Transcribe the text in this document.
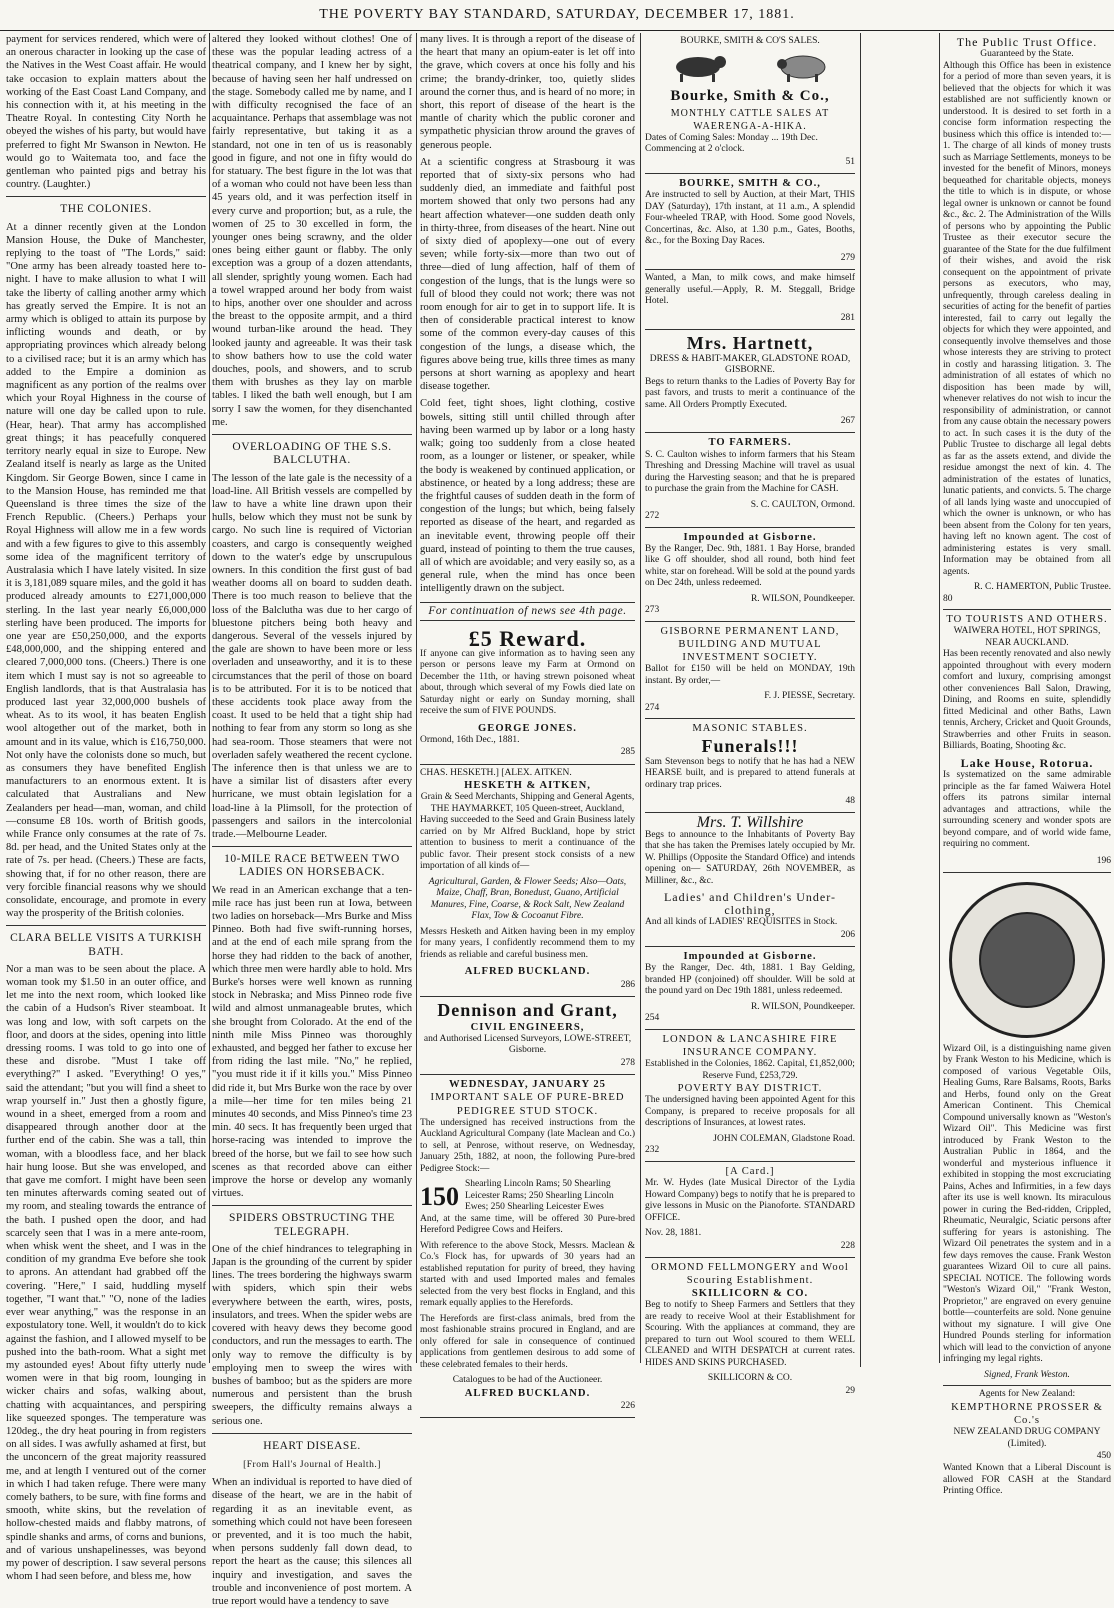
THE POVERTY BAY STANDARD, SATURDAY, DECEMBER 17, 1881.

payment for services rendered, which were of an onerous character in looking up the case of the Natives in the West Coast affair. He would take occasion to explain matters about the working of the East Coast Land Company, and his connection with it, at his meeting in the Theatre Royal. In contesting City North he obeyed the wishes of his party, but would have preferred to fight Mr Swanson in Newton. He would go to Waitemata too, and face the gentleman who painted pigs and betray his country. (Laughter.)

THE COLONIES.

At a dinner recently given at the London Mansion House, the Duke of Manchester, replying to the toast of "The Lords," said: "One army has been already toasted here to-night. I have to make allusion to what I will take the liberty of calling another army which has greatly served the Empire. It is not an army which is obliged to attain its purpose by inflicting wounds and death, or by appropriating provinces which already belong to a civilised race; but it is an army which has added to the Empire a dominion as magnificent as any portion of the realms over which your Royal Highness in the course of nature will one day be called upon to rule. (Hear, hear). That army has accomplished great things; it has peacefully conquered territory nearly equal in size to Europe. New Zealand itself is nearly as large as the United Kingdom. Sir George Bowen, since I came in to the Mansion House, has reminded me that Queensland is three times the size of the French Republic. (Cheers.) Perhaps your Royal Highness will allow me in a few words and with a few figures to give to this assembly some idea of the magnificent territory of Australasia which I have lately visited. In size it is 3,181,089 square miles, and the gold it has produced already amounts to £271,000,000 sterling. In the last year nearly £6,000,000 sterling have been produced. The imports for one year are £50,250,000, and the exports £48,000,000, and the shipping entered and cleared 7,000,000 tons. (Cheers.) There is one item which I must say is not so agreeable to English landlords, that is that Australasia has produced last year 32,000,000 bushels of wheat. As to its wool, it has beaten English wool altogether out of the market, both in amount and in its value, which is £16,750,000. Not only have the colonists done so much, but as consumers they have benefited English manufacturers to an enormous extent. It is calculated that Australians and New Zealanders per head—man, woman, and child—consume £8 10s. worth of British goods, while France only consumes at the rate of 7s. 8d. per head, and the United States only at the rate of 7s. per head. (Cheers.) These are facts, showing that, if for no other reason, there are very forcible financial reasons why we should consolidate, encourage, and promote in every way the prosperity of the British colonies.

CLARA BELLE VISITS A TURKISH BATH.

Nor a man was to be seen about the place. A woman took my $1.50 in an outer office, and let me into the next room, which looked like the cabin of a Hudson's River steamboat. It was long and low, with soft carpets on the floor, and doors at the sides, opening into little dressing rooms. I was told to go into one of these and disrobe. "Must I take off everything?" I asked. "Everything! O yes," said the attendant; "but you will find a sheet to wrap yourself in." Just then a ghostly figure, wound in a sheet, emerged from a room and disappeared through another door at the further end of the cabin. She was a tall, thin woman, with a bloodless face, and her black hair hung loose. But she was enveloped, and that gave me comfort. I might have been seen ten minutes afterwards coming seated out of my room, and stealing towards the entrance of the bath. I pushed open the door, and had scarcely seen that I was in a mere ante-room, when whisk went the sheet, and I was in the condition of my grandma Eve before she took to aprons. An attendant had grabbed off the covering. "Here," I said, huddling myself together, "I want that." "O, none of the ladies ever wear anything," was the response in an expostulatory tone. Well, it wouldn't do to kick against the fashion, and I allowed myself to be pushed into the bath-room. What a sight met my astounded eyes! About fifty utterly nude women were in that big room, lounging in wicker chairs and sofas, walking about, chatting with acquaintances, and perspiring like squeezed sponges. The temperature was 120deg., the dry heat pouring in from registers on all sides. I was awfully ashamed at first, but the unconcern of the great majority reassured me, and at length I ventured out of the corner in which I had taken refuge. There were many comely bathers, to be sure, with fine forms and smooth, white skins, but the revelation of hollow-chested maids and flabby matrons, of spindle shanks and arms, of corns and bunions, and of various unshapelinesses, was beyond my power of description. I saw several persons whom I had seen before, and bless me, how

altered they looked without clothes! One of these was the popular leading actress of a theatrical company, and I knew her by sight, because of having seen her half undressed on the stage. Somebody called me by name, and I with difficulty recognised the face of an acquaintance. Perhaps that assemblage was not fairly representative, but taking it as a standard, not one in ten of us is reasonably good in figure, and not one in fifty would do for statuary. The best figure in the lot was that of a woman who could not have been less than 45 years old, and it was perfection itself in every curve and proportion; but, as a rule, the women of 25 to 30 excelled in form, the younger ones being scrawny, and the older ones being either gaunt or flabby. The only exception was a group of a dozen attendants, all slender, sprightly young women. Each had a towel wrapped around her body from waist to hips, another over one shoulder and across the breast to the opposite armpit, and a third wound turban-like around the head. They looked jaunty and agreeable. It was their task to show bathers how to use the cold water douches, pools, and showers, and to scrub them with brushes as they lay on marble tables. I liked the bath well enough, but I am sorry I saw the women, for they disenchanted me.

OVERLOADING OF THE S.S. BALCLUTHA.

The lesson of the late gale is the necessity of a load-line. All British vessels are compelled by law to have a white line drawn upon their hulls, below which they must not be sunk by cargo. No such line is required of Victorian coasters, and cargo is consequently weighed down to the water's edge by unscrupulous owners. In this condition the first gust of bad weather dooms all on board to sudden death. There is too much reason to believe that the loss of the Balclutha was due to her cargo of bluestone pitchers being both heavy and dangerous. Several of the vessels injured by the gale are shown to have been more or less overladen and unseaworthy, and it is to these circumstances that the peril of those on board is to be attributed. For it is to be noticed that these accidents took place away from the coast. It used to be held that a tight ship had nothing to fear from any storm so long as she had sea-room. Those steamers that were not overladen safely weathered the recent cyclone. The inference then is that unless we are to have a similar list of disasters after every hurricane, we must obtain legislation for a load-line à la Plimsoll, for the protection of passengers and sailors in the intercolonial trade.—Melbourne Leader.

10-MILE RACE BETWEEN TWO LADIES ON HORSEBACK.

We read in an American exchange that a ten-mile race has just been run at Iowa, between two ladies on horseback—Mrs Burke and Miss Pinneo. Both had five swift-running horses, and at the end of each mile sprang from the horse they had ridden to the back of another, which three men were hardly able to hold. Mrs Burke's horses were well known as running stock in Nebraska; and Miss Pinneo rode five wild and almost unmanageable brutes, which she brought from Colorado. At the end of the ninth mile Miss Pinneo was thoroughly exhausted, and begged her father to excuse her from riding the last mile. "No," he replied, "you must ride it if it kills you." Miss Pinneo did ride it, but Mrs Burke won the race by over a mile—her time for ten miles being 21 minutes 40 seconds, and Miss Pinneo's time 23 min. 40 secs. It has frequently been urged that horse-racing was intended to improve the breed of the horse, but we fail to see how such scenes as that recorded above can either improve the horse or develop any womanly virtues.

SPIDERS OBSTRUCTING THE TELEGRAPH.

One of the chief hindrances to telegraphing in Japan is the grounding of the current by spider lines. The trees bordering the highways swarm with spiders, which spin their webs everywhere between the earth, wires, posts, insulators, and trees. When the spider webs are covered with heavy dews they become good conductors, and run the messages to earth. The only way to remove the difficulty is by employing men to sweep the wires with bushes of bamboo; but as the spiders are more numerous and persistent than the brush sweepers, the difficulty remains always a serious one.

HEART DISEASE.
[From Hall's Journal of Health.]

When an individual is reported to have died of disease of the heart, we are in the habit of regarding it as an inevitable event, as something which could not have been foreseen or prevented, and it is too much the habit, when persons suddenly fall down dead, to report the heart as the cause; this silences all inquiry and investigation, and saves the trouble and inconvenience of post mortem. A true report would have a tendency to save

many lives. It is through a report of the disease of the heart that many an opium-eater is let off into the grave, which covers at once his folly and his crime; the brandy-drinker, too, quietly slides around the corner thus, and is heard of no more; in short, this report of disease of the heart is the mantle of charity which the public coroner and sympathetic physician throw around the graves of generous people.

At a scientific congress at Strasbourg it was reported that of sixty-six persons who had suddenly died, an immediate and faithful post mortem showed that only two persons had any heart affection whatever—one sudden death only in thirty-three, from diseases of the heart. Nine out of sixty died of apoplexy—one out of every seven; while forty-six—more than two out of three—died of lung affection, half of them of congestion of the lungs, that is the lungs were so full of blood they could not work; there was not room enough for air to get in to support life. It is then of considerable practical interest to know some of the common every-day causes of this congestion of the lungs, a disease which, the figures above being true, kills three times as many persons at short warning as apoplexy and heart disease together.

Cold feet, tight shoes, light clothing, costive bowels, sitting still until chilled through after having been warmed up by labor or a long hasty walk; going too suddenly from a close heated room, as a lounger or listener, or speaker, while the body is weakened by continued application, or abstinence, or heated by a long address; these are the frightful causes of sudden death in the form of congestion of the lungs; but which, being falsely reported as disease of the heart, and regarded as an inevitable event, throwing people off their guard, instead of pointing to them the true causes, all of which are avoidable; and very easily so, as a general rule, when the mind has once been intelligently drawn on the subject.

For continuation of news see 4th page.
£5 Reward.

If anyone can give information as to having seen any person or persons leave my Farm at Ormond on December the 11th, or having strewn poisoned wheat about, through which several of my Fowls died late on Saturday night or early on Sunday morning, shall receive the sum of FIVE POUNDS.

GEORGE JONES.
Ormond, 16th Dec., 1881.
285
CHAS. HESKETH.] [ALEX. AITKEN.
HESKETH & AITKEN,
Grain & Seed Merchants, Shipping and General Agents,
THE HAYMARKET, 105 Queen-street, Auckland,

Having succeeded to the Seed and Grain Business lately carried on by Mr Alfred Buckland, hope by strict attention to business to merit a continuance of the public favor. Their present stock consists of a new importation of all kinds of—

Agricultural, Garden, & Flower Seeds; Also—Oats, Maize, Chaff, Bran, Bonedust, Guano, Artificial Manures, Fine, Coarse, & Rock Salt, New Zealand Flax, Tow & Cocoanut Fibre.

Messrs Hesketh and Aitken having been in my employ for many years, I confidently recommend them to my friends as reliable and careful business men.

ALFRED BUCKLAND.
286
Dennison and Grant,
CIVIL ENGINEERS,
and Authorised Licensed Surveyors, LOWE-STREET, Gisborne.
278
WEDNESDAY, JANUARY 25
IMPORTANT SALE OF PURE-BRED PEDIGREE STUD STOCK.

The undersigned has received instructions from the Auckland Agricultural Company (late Maclean and Co.) to sell, at Penrose, without reserve, on Wednesday, January 25th, 1882, at noon, the following Pure-bred Pedigree Stock:—

150 Shearling Lincoln Rams; 50 Shearling Leicester Rams; 250 Shearling Lincoln Ewes; 250 Shearling Leicester Ewes

And, at the same time, will be offered 30 Pure-bred Hereford Pedigree Cows and Heifers.

With reference to the above Stock, Messrs. Maclean & Co.'s Flock has, for upwards of 30 years had an established reputation for purity of breed, they having started with and used Imported males and females selected from the very best flocks in England, and this remark equally applies to the Herefords.

The Herefords are first-class animals, bred from the most fashionable strains procured in England, and are only offered for sale in consequence of continued applications from gentlemen desirous to add some of these celebrated females to their herds.

Catalogues to be had of the Auctioneer.
ALFRED BUCKLAND.
226
BOURKE, SMITH & CO'S SALES.
Bourke, Smith & Co.,
MONTHLY CATTLE SALES AT WAERENGA-A-HIKA.
Dates of Coming Sales: Monday ... 19th Dec. Commencing at 2 o'clock.
51
BOURKE, SMITH & CO.,

Are instructed to sell by Auction, at their Mart, THIS DAY (Saturday), 17th instant, at 11 a.m., A splendid Four-wheeled TRAP, with Hood. Some good Novels, Concertinas, &c. Also, at 1.30 p.m., Gates, Booths, &c., for the Boxing Day Races.

279

Wanted, a Man, to milk cows, and make himself generally useful.—Apply, R. M. Steggall, Bridge Hotel.

281
Mrs. Hartnett,
DRESS & HABIT-MAKER, GLADSTONE ROAD, GISBORNE.

Begs to return thanks to the Ladies of Poverty Bay for past favors, and trusts to merit a continuance of the same. All Orders Promptly Executed.

267
TO FARMERS.

S. C. Caulton wishes to inform farmers that his Steam Threshing and Dressing Machine will travel as usual during the Harvesting season; and that he is prepared to purchase the grain from the Machine for CASH.

S. C. CAULTON, Ormond.
272
Impounded at Gisborne.

By the Ranger, Dec. 9th, 1881. 1 Bay Horse, branded like G off shoulder, shod all round, both hind feet white, star on forehead. Will be sold at the pound yards on Dec 24th, unless redeemed.

R. WILSON, Poundkeeper.
273
GISBORNE PERMANENT LAND, BUILDING AND MUTUAL INVESTMENT SOCIETY.

Ballot for £150 will be held on MONDAY, 19th instant. By order,—

F. J. PIESSE, Secretary.
274
MASONIC STABLES.
Funerals!!!

Sam Stevenson begs to notify that he has had a NEW HEARSE built, and is prepared to attend funerals at ordinary trap prices.

48
Mrs. T. Willshire

Begs to announce to the Inhabitants of Poverty Bay that she has taken the Premises lately occupied by Mr. W. Phillips (Opposite the Standard Office) and intends opening on— SATURDAY, 26th NOVEMBER, as Milliner, &c., &c.

Ladies' and Children's Under-clothing,
And all kinds of LADIES' REQUISITES in Stock.
206
Impounded at Gisborne.

By the Ranger, Dec. 4th, 1881. 1 Bay Gelding, branded HP (conjoined) off shoulder. Will be sold at the pound yard on Dec 19th 1881, unless redeemed.

R. WILSON, Poundkeeper.
254
LONDON & LANCASHIRE FIRE INSURANCE COMPANY.
Established in the Colonies, 1862. Capital, £1,852,000; Reserve Fund, £253,729.
POVERTY BAY DISTRICT.

The undersigned having been appointed Agent for this Company, is prepared to receive proposals for all descriptions of Insurances, at lowest rates.

JOHN COLEMAN, Gladstone Road.
232
[A Card.]

Mr. W. Hydes (late Musical Director of the Lydia Howard Company) begs to notify that he is prepared to give lessons in Music on the Pianoforte. STANDARD OFFICE.

Nov. 28, 1881.
228
ORMOND FELLMONGERY and Wool Scouring Establishment.
SKILLICORN & CO.

Beg to notify to Sheep Farmers and Settlers that they are ready to receive Wool at their Establishment for Scouring. With the appliances at command, they are prepared to turn out Wool scoured to them WELL CLEANED and WITH DESPATCH at current rates. HIDES AND SKINS PURCHASED.

SKILLICORN & CO.
29
The Public Trust Office.
Guaranteed by the State.

Although this Office has been in existence for a period of more than seven years, it is believed that the objects for which it was established are not sufficiently known or understood. It is desired to set forth in a concise form information respecting the business which this office is intended to:— 1. The charge of all kinds of money trusts such as Marriage Settlements, moneys to be invested for the benefit of Minors, moneys bequeathed for charitable objects, moneys the title to which is in dispute, or whose legal owner is unknown or cannot be found &c., &c. 2. The Administration of the Wills of persons who by appointing the Public Trustee as their executor secure the guarantee of the State for the due fulfilment of their wishes, and avoid the risk consequent on the appointment of private persons as executors, who may, unfrequently, through careless dealing in securities of acting for the benefit of parties interested, fail to carry out legally the objects for which they were appointed, and consequently involve themselves and those whose interests they are striving to protect in costly and harassing litigation. 3. The administration of all estates of which no disposition has been made by will, whenever relatives do not wish to incur the responsibility of administration, or cannot from any cause obtain the necessary powers to act. In such cases it is the duty of the Public Trustee to discharge all legal debts as far as the assets extend, and divide the residue amongst the next of kin. 4. The administration of the estates of lunatics, lunatic patients, and convicts. 5. The charge of all lands lying waste and unoccupied of which the owner is unknown, or who has been absent from the Colony for ten years, having left no known agent. The cost of administering estates is very small. Information may be obtained from all agents.

R. C. HAMERTON, Public Trustee.
80
TO TOURISTS AND OTHERS.
WAIWERA HOTEL, HOT SPRINGS, NEAR AUCKLAND.

Has been recently renovated and also newly appointed throughout with every modern comfort and luxury, comprising amongst other conveniences Ball Salon, Drawing, Dining, and Rooms en suite, splendidly fitted Medicinal and other Baths, Lawn tennis, Archery, Cricket and Quoit Grounds, Strawberries and other Fruits in season. Billiards, Boating, Shooting &c.

Lake House, Rotorua.

Is systematized on the same admirable principle as the far famed Waiwera Hotel offers its patrons similar internal advantages and attractions, while the surrounding scenery and wonder spots are beyond compare, and of world wide fame, requiring no comment.

196

Wizard Oil, is a distinguishing name given by Frank Weston to his Medicine, which is composed of various Vegetable Oils, Healing Gums, Rare Balsams, Roots, Barks and Herbs, found only on the Great American Continent. This Chemical Compound universally known as "Weston's Wizard Oil". This Medicine was first introduced by Frank Weston to the Australian Public in 1864, and the wonderful and mysterious influence it exhibited in stopping the most excruciating Pains, Aches and Infirmities, in a few days after its use is well known. Its miraculous power in curing the Bed-ridden, Crippled, Rheumatic, Neuralgic, Sciatic persons after suffering for years is astonishing. The Wizard Oil penetrates the system and in a few days removes the cause. Frank Weston guarantees Wizard Oil to cure all pains. SPECIAL NOTICE. The following words "Weston's Wizard Oil," "Frank Weston, Proprietor," are engraved on every genuine bottle—counterfeits are sold. None genuine without my signature. I will give One Hundred Pounds sterling for information which will lead to the conviction of anyone infringing my legal rights.

Signed, Frank Weston.
Agents for New Zealand:
KEMPTHORNE PROSSER & Co.'s
NEW ZEALAND DRUG COMPANY
(Limited).
450

Wanted Known that a Liberal Discount is allowed FOR CASH at the Standard Printing Office.
